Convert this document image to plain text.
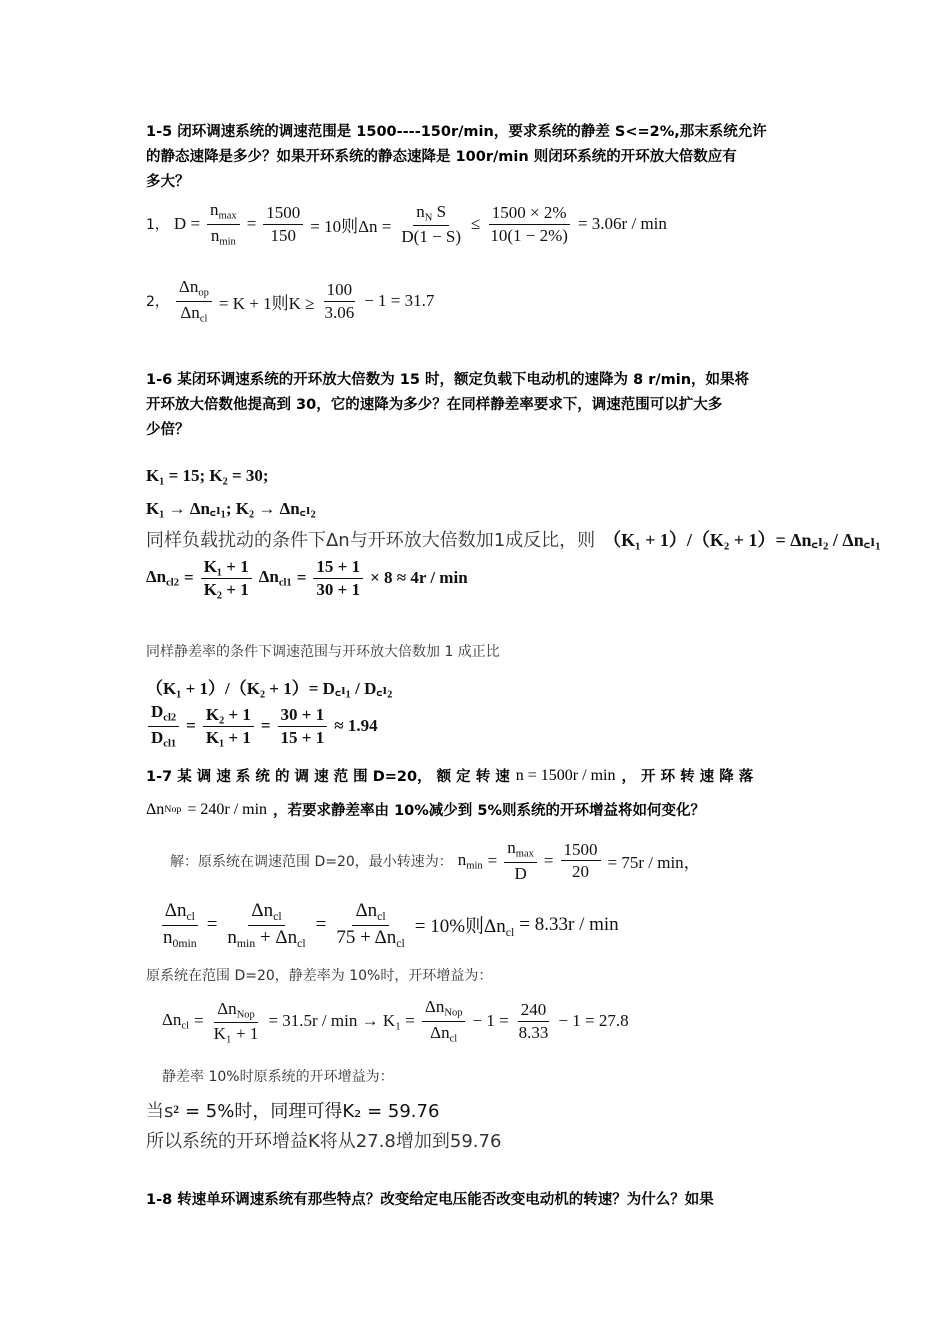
1-5 闭环调速系统的调速范围是 1500----150r/min，要求系统的静差 S<=2%,那末系统允许
的静态速降是多少？如果开环系统的静态速降是 100r/min 则闭环系统的开环放大倍数应有
多大？
1， $D = \frac{n_{max}}{n_{min}} = \frac{1500}{150} = 10$则$\Delta n = \frac{n_N S}{D(1 - S)} \le \frac{1500 \times 2\%}{10(1 - 2\%)} = 3.06r / \min$
2， $\frac{\Delta n_{op}}{\Delta n_{cl}} = K + 1$则$K \ge \frac{100}{3.06} - 1 = 31.7$
1-6 某闭环调速系统的开环放大倍数为 15 时，额定负载下电动机的速降为 8 r/min，如果将
开环放大倍数他提高到 30，它的速降为多少？在同样静差率要求下，调速范围可以扩大多
少倍？
K₁ = 15; K₂ = 30;
K₁ → Δn꜀ₗ₁; K₂ → Δn꜀ₗ₂
同样负载扰动的条件下Δn与开环放大倍数加1成反比，则 （K₁ + 1）/（K₂ + 1）= Δn꜀ₗ₂ / Δn꜀ₗ₁
$\Delta n_{cl2} = \frac{\text{K₁ + 1}}{\text{K₂ + 1}} \Delta n_{cl1} = \frac{15 + 1}{30 + 1} \times 8 \approx 4r / \min$
同样静差率的条件下调速范围与开环放大倍数加 1 成正比
（K₁ + 1）/（K₂ + 1）= D꜀ₗ₁ / D꜀ₗ₂
$\frac{D_{cl2}}{D_{cl1}} = \frac{\text{K₂ + 1}}{\text{K₁ + 1}} = \frac{30 + 1}{15 + 1} \approx 1.94$
1-7 某 调 速 系 统 的 调 速 范 围 D=20， 额 定 转 速 n = 1500r / min ， 开 环 转 速 降 落
Δn Nop = 240r / min ，若要求静差率由 10%减少到 5%则系统的开环增益将如何变化？
解：原系统在调速范围 D=20，最小转速为： $n_{min} = \frac{n_{max}}{D} = \frac{1500}{20} = 75r / \min$，
$\frac{\Delta n_{cl}}{n_{0min}} = \frac{\Delta n_{cl}}{n_{min} + \Delta n_{cl}} = \frac{\Delta n_{cl}}{75 + \Delta n_{cl}} = 10\%$则$\Delta n_{cl} = 8.33r / \min$
原系统在范围 D=20，静差率为 10%时，开环增益为：
$\Delta n_{cl} = \frac{\Delta n_{Nop}}{\text{K₁ + 1}} = 31.5r / \min \to K_1 = \frac{\Delta n_{Nop}}{\Delta n_{cl}} - 1 = \frac{240}{8.33} - 1 = 27.8$
静差率 10%时原系统的开环增益为：
当s 2 = 5%时，同理可得K₂ = 59.76
所以系统的开环增益K将从27.8增加到59.76
1-8 转速单环调速系统有那些特点？改变给定电压能否改变电动机的转速？为什么？如果
